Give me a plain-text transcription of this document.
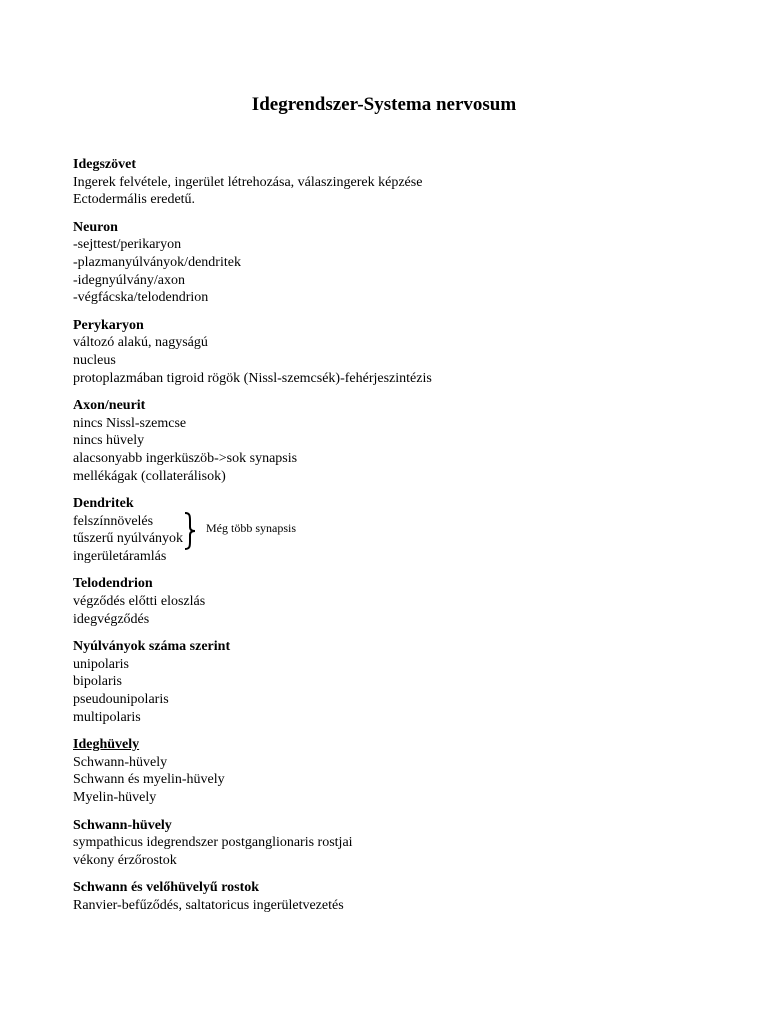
Idegrendszer-Systema nervosum
Idegszövet
Ingerek felvétele, ingerület létrehozása, válaszingerek képzése
Ectodermális eredetű.
Neuron
-sejttest/perikaryon
-plazmanyúlványok/dendritek
-idegnyúlvány/axon
-végfácska/telodendrion
Perykaryon
változó alakú, nagyságú
nucleus
protoplazmában tigroid rögök (Nissl-szemcsék)-fehérjeszintézis
Axon/neurit
nincs Nissl-szemcse
nincs hüvely
alacsonyabb ingerküszöb->sok synapsis
mellékágak (collaterálisok)
Dendritek
felszínnövelés
tűszerű nyúlványok
ingerületáramlás
Még több synapsis
Telodendrion
végződés előtti eloszlás
idegvégződés
Nyúlványok száma szerint
unipolaris
bipolaris
pseudounipolaris
multipolaris
Ideghüvely
Schwann-hüvely
Schwann és myelin-hüvely
Myelin-hüvely
Schwann-hüvely
sympathicus idegrendszer postganglionaris rostjai
vékony érzőrostok
Schwann és velőhüvelyű rostok
Ranvier-befűződés, saltatoricus ingerületvezetés
